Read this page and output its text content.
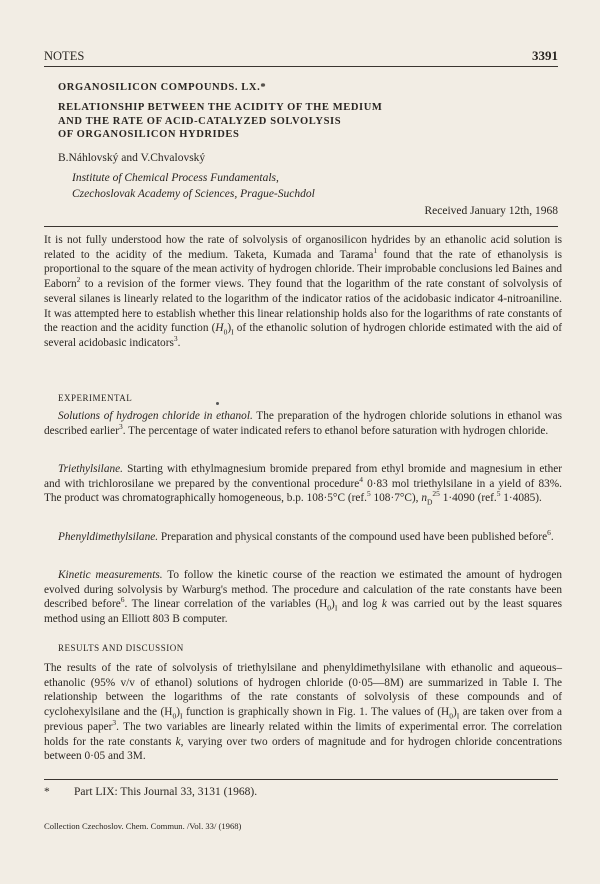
NOTES	3391
ORGANOSILICON COMPOUNDS. LX.*
RELATIONSHIP BETWEEN THE ACIDITY OF THE MEDIUM
AND THE RATE OF ACID-CATALYZED SOLVOLYSIS
OF ORGANOSILICON HYDRIDES
B.Náhlovský and V.Chvalovský
Institute of Chemical Process Fundamentals,
Czechoslovak Academy of Sciences, Prague-Suchdol
Received January 12th, 1968

It is not fully understood how the rate of solvolysis of organosilicon hydrides by an ethanolic acid solution is related to the acidity of the medium. Taketa, Kumada and Tarama$^1$ found that the rate of ethanolysis is proportional to the square of the mean activity of hydrogen chloride. Their improbable conclusions led Baines and Eaborn$^2$ to a revision of the former views. They found that the logarithm of the rate constant of solvolysis of several silanes is linearly related to the logarithm of the indicator ratios of the acidobasic indicator 4-nitroaniline. It was attempted here to establish whether this linear relationship holds also for the logarithms of rate constants of the reaction and the acidity function $(H_0)_I$ of the ethanolic solution of hydrogen chloride estimated with the aid of several acidobasic indicators$^3$.

EXPERIMENTAL

Solutions of hydrogen chloride in ethanol. The preparation of the hydrogen chloride solutions in ethanol was described earlier$^3$. The percentage of water indicated refers to ethanol before saturation with hydrogen chloride.

Triethylsilane. Starting with ethylmagnesium bromide prepared from ethyl bromide and magnesium in ether and with trichlorosilane we prepared by the conventional procedure$^4$ 0·83 mol triethylsilane in a yield of 83%. The product was chromatographically homogeneous, b.p. 108·5°C (ref.$^5$ 108·7°C), $n_D^{25}$ 1·4090 (ref.$^5$ 1·4085).

Phenyldimethylsilane. Preparation and physical constants of the compound used have been published before$^6$.

Kinetic measurements. To follow the kinetic course of the reaction we estimated the amount of hydrogen evolved during solvolysis by Warburg's method. The procedure and calculation of the rate constants have been described before$^6$. The linear correlation of the variables $(H_0)_I$ and log k was carried out by the least squares method using an Elliott 803 B computer.

RESULTS AND DISCUSSION

The results of the rate of solvolysis of triethylsilane and phenyldimethylsilane with ethanolic and aqueous–ethanolic (95% v/v of ethanol) solutions of hydrogen chloride (0·05—8M) are summarized in Table I. The relationship between the logarithms of the rate constants of solvolysis of these compounds and of cyclohexylsilane and the $(H_0)_I$ function is graphically shown in Fig. 1. The values of $(H_0)_I$ are taken over from a previous paper$^3$. The two variables are linearly related within the limits of experimental error. The correlation holds for the rate constants k, varying over two orders of magnitude and for hydrogen chloride concentrations between 0·05 and 3M.

* Part LIX: This Journal 33, 3131 (1968).
Collection Czechoslov. Chem. Commun. /Vol. 33/ (1968)
